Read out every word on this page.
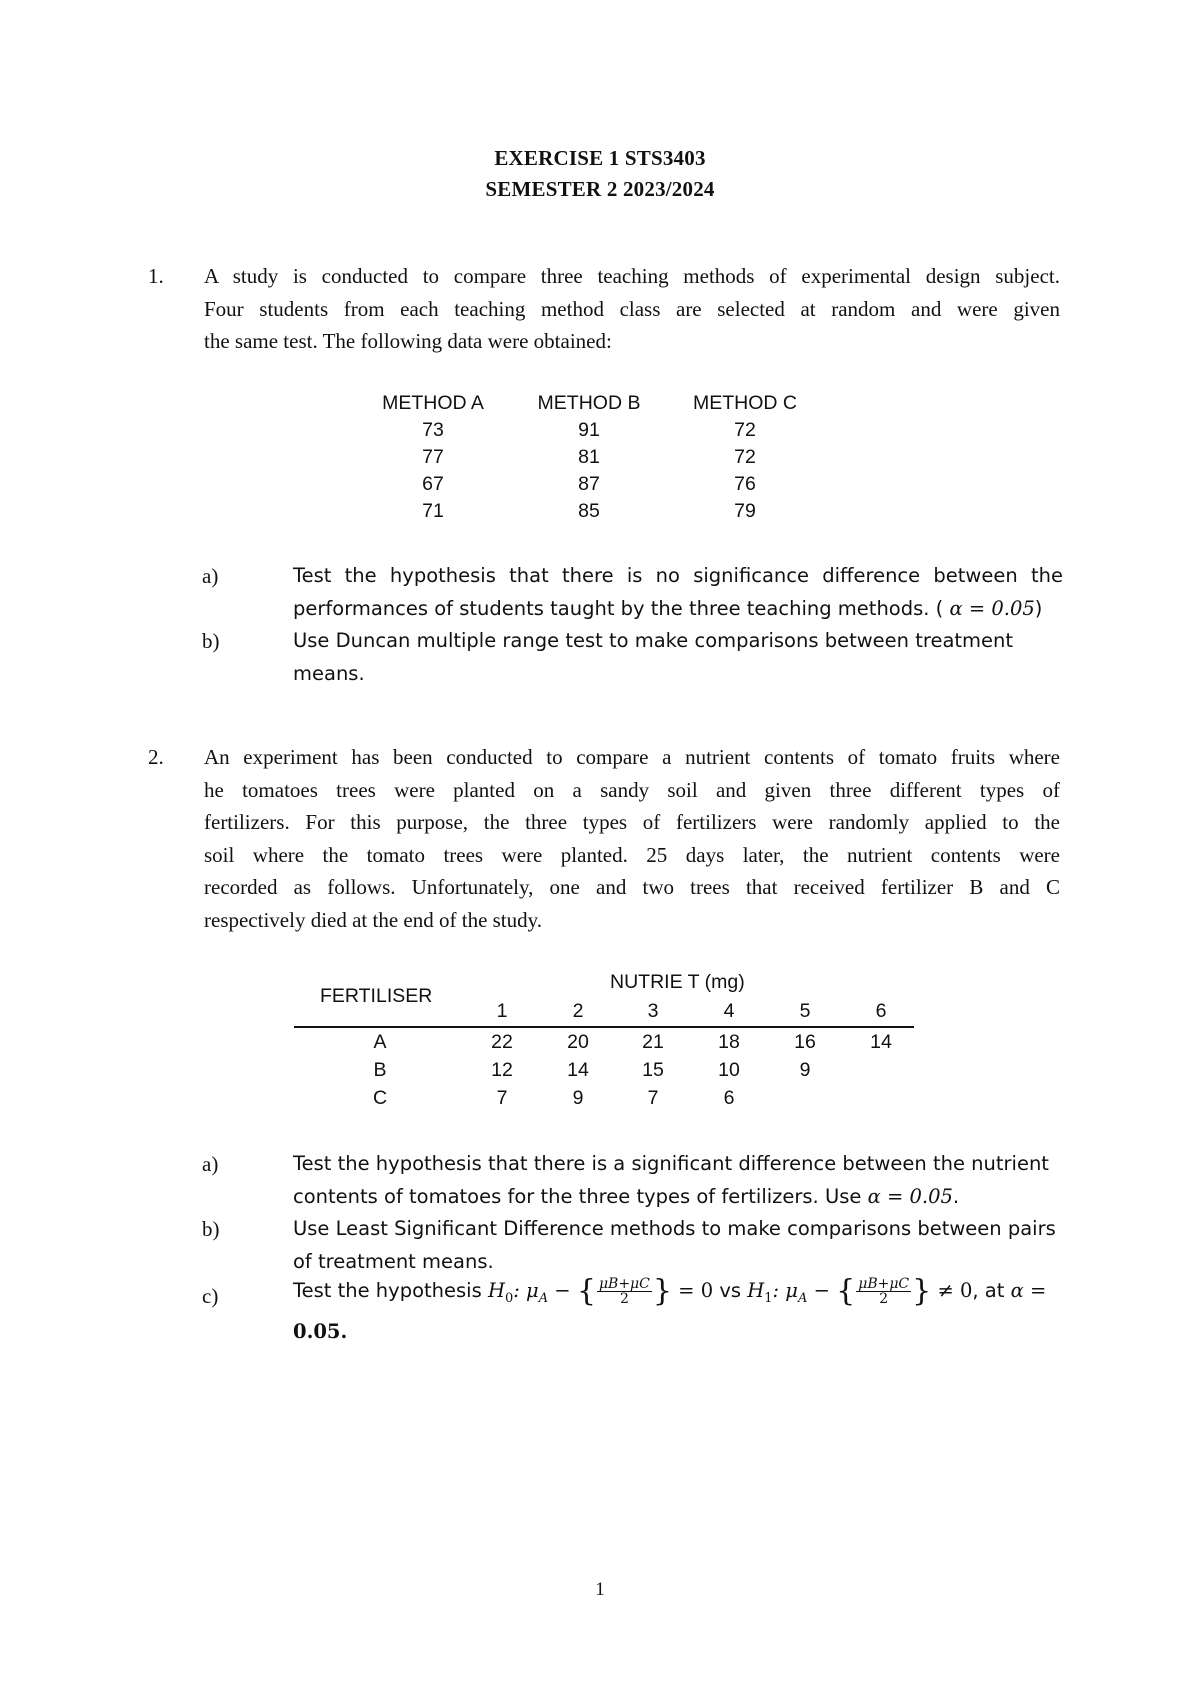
EXERCISE 1 STS3403
SEMESTER 2 2023/2024
1. A study is conducted to compare three teaching methods of experimental design subject.
Four students from each teaching method class are selected at random and were given
the same test. The following data were obtained:
METHOD A	METHOD B	METHOD C
73	91	72
77	81	72
67	87	76
71	85	79
a)	Test the hypothesis that there is no significance difference between the
performances of students taught by the three teaching methods. ( α = 0.05)
b)	Use Duncan multiple range test to make comparisons between treatment
means.
2. An experiment has been conducted to compare a nutrient contents of tomato fruits where
he tomatoes trees were planted on a sandy soil and given three different types of
fertilizers. For this purpose, the three types of fertilizers were randomly applied to the
soil where the tomato trees were planted. 25 days later, the nutrient contents were
recorded as follows. Unfortunately, one and two trees that received fertilizer B and C
respectively died at the end of the study.
FERTILISER
NUTRIE T (mg)
1	2	3	4	5	6
A	22	20	21	18	16	14
B	12	14	15	10	9
C	7	9	7	6
a)	Test the hypothesis that there is a significant difference between the nutrient
contents of tomatoes for the three types of fertilizers. Use α = 0.05.
b)	Use Least Significant Difference methods to make comparisons between pairs
of treatment means.
c)	Test the hypothesis $H_0$: $\mu_A$ − { $\frac{\mu B+\mu C}{2}$ } = 0 vs $H_1$: $\mu_A$ − { $\frac{\mu B+\mu C}{2}$ } ≠ 0, at α =
0.05.
1
